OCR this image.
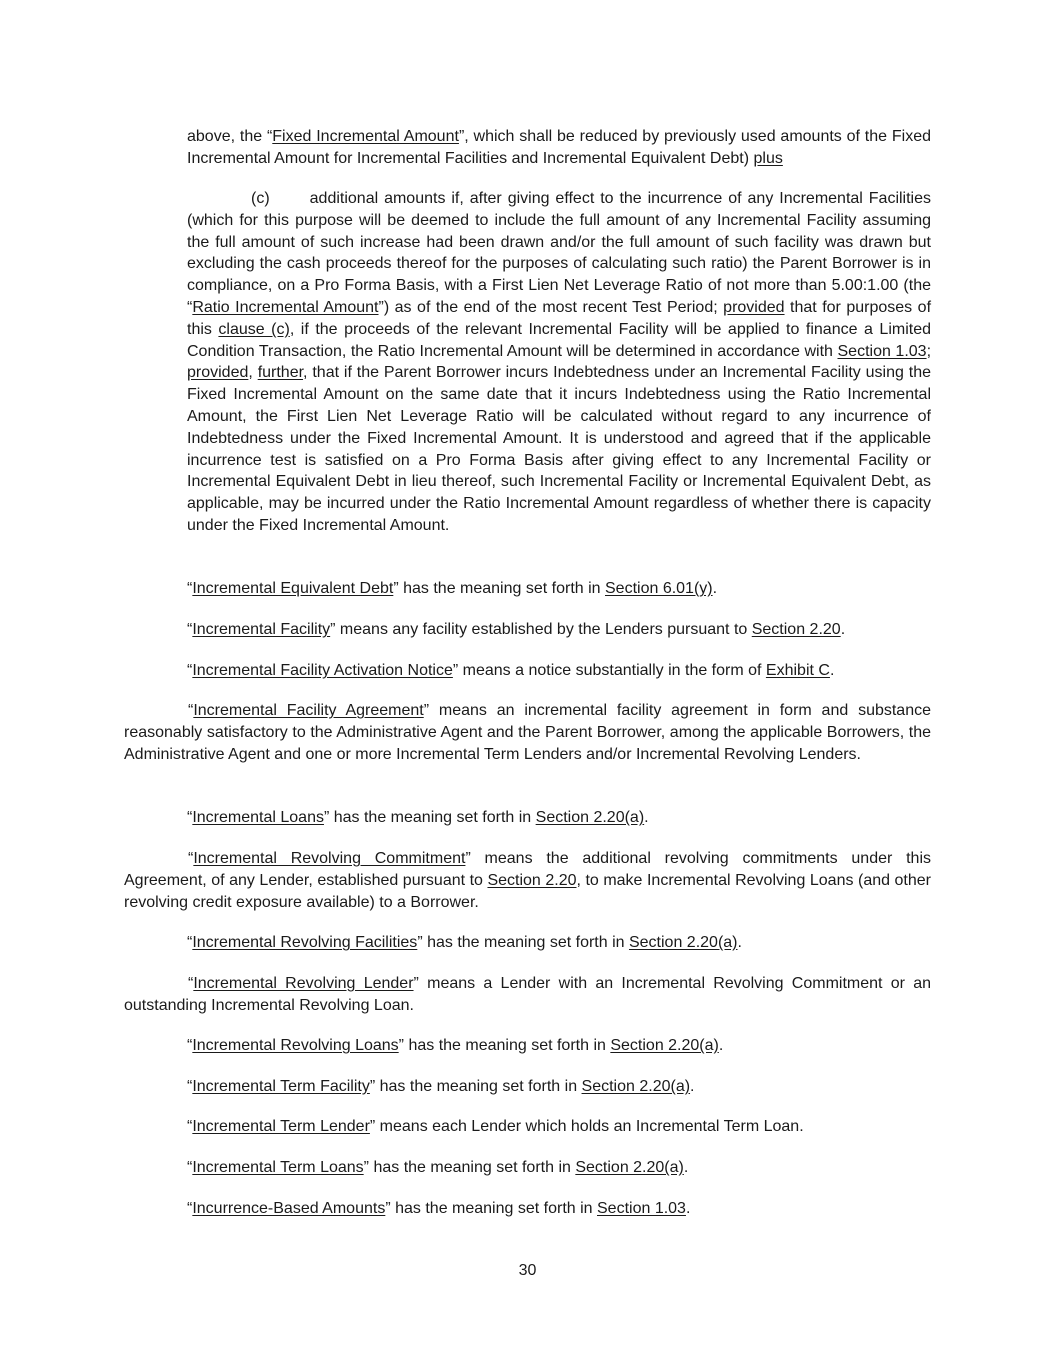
above, the “Fixed Incremental Amount”, which shall be reduced by previously used amounts of the Fixed Incremental Amount for Incremental Facilities and Incremental Equivalent Debt) plus

(c)   additional amounts if, after giving effect to the incurrence of any Incremental Facilities (which for this purpose will be deemed to include the full amount of any Incremental Facility assuming the full amount of such increase had been drawn and/or the full amount of such facility was drawn but excluding the cash proceeds thereof for the purposes of calculating such ratio) the Parent Borrower is in compliance, on a Pro Forma Basis, with a First Lien Net Leverage Ratio of not more than 5.00:1.00 (the “Ratio Incremental Amount”) as of the end of the most recent Test Period; provided that for purposes of this clause (c), if the proceeds of the relevant Incremental Facility will be applied to finance a Limited Condition Transaction, the Ratio Incremental Amount will be determined in accordance with Section 1.03; provided, further, that if the Parent Borrower incurs Indebtedness under an Incremental Facility using the Fixed Incremental Amount on the same date that it incurs Indebtedness using the Ratio Incremental Amount, the First Lien Net Leverage Ratio will be calculated without regard to any incurrence of Indebtedness under the Fixed Incremental Amount. It is understood and agreed that if the applicable incurrence test is satisfied on a Pro Forma Basis after giving effect to any Incremental Facility or Incremental Equivalent Debt in lieu thereof, such Incremental Facility or Incremental Equivalent Debt, as applicable, may be incurred under the Ratio Incremental Amount regardless of whether there is capacity under the Fixed Incremental Amount.

“Incremental Equivalent Debt” has the meaning set forth in Section 6.01(y).

“Incremental Facility” means any facility established by the Lenders pursuant to Section 2.20.

“Incremental Facility Activation Notice” means a notice substantially in the form of Exhibit C.

“Incremental Facility Agreement” means an incremental facility agreement in form and substance reasonably satisfactory to the Administrative Agent and the Parent Borrower, among the applicable Borrowers, the Administrative Agent and one or more Incremental Term Lenders and/or Incremental Revolving Lenders.

“Incremental Loans” has the meaning set forth in Section 2.20(a).

“Incremental Revolving Commitment” means the additional revolving commitments under this Agreement, of any Lender, established pursuant to Section 2.20, to make Incremental Revolving Loans (and other revolving credit exposure available) to a Borrower.

“Incremental Revolving Facilities” has the meaning set forth in Section 2.20(a).

“Incremental Revolving Lender” means a Lender with an Incremental Revolving Commitment or an outstanding Incremental Revolving Loan.

“Incremental Revolving Loans” has the meaning set forth in Section 2.20(a).

“Incremental Term Facility” has the meaning set forth in Section 2.20(a).

“Incremental Term Lender” means each Lender which holds an Incremental Term Loan.

“Incremental Term Loans” has the meaning set forth in Section 2.20(a).

“Incurrence-Based Amounts” has the meaning set forth in Section 1.03.

30
